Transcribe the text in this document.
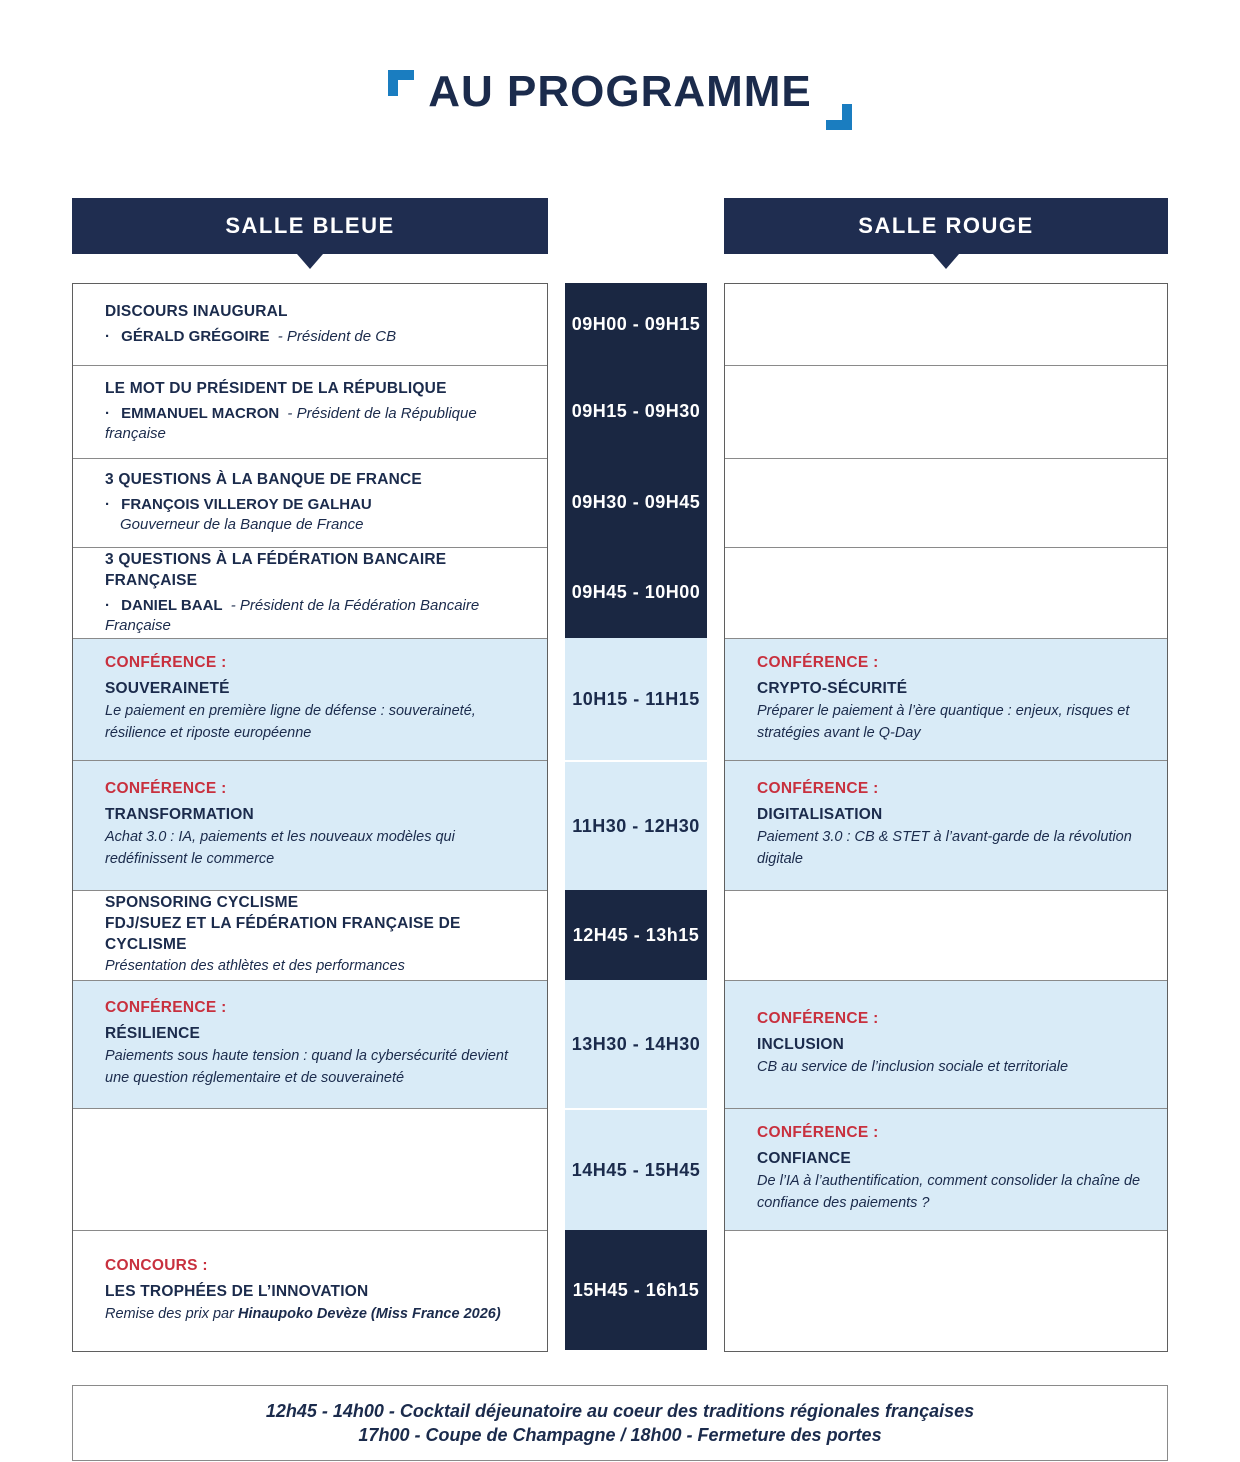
AU PROGRAMME
SALLE BLEUE	SALLE ROUGE
DISCOURS INAUGURAL
· GÉRALD GRÉGOIRE - Président de CB
LE MOT DU PRÉSIDENT DE LA RÉPUBLIQUE
· EMMANUEL MACRON - Président de la République française
3 QUESTIONS À LA BANQUE DE FRANCE
· FRANÇOIS VILLEROY DE GALHAU
Gouverneur de la Banque de France
3 QUESTIONS À LA FÉDÉRATION BANCAIRE FRANÇAISE
· DANIEL BAAL - Président de la Fédération Bancaire Française
CONFÉRENCE :
SOUVERAINETÉ
Le paiement en première ligne de défense : souveraineté, résilience et riposte européenne
CONFÉRENCE :
TRANSFORMATION
Achat 3.0 : IA, paiements et les nouveaux modèles qui redéfinissent le commerce
SPONSORING CYCLISME
FDJ/SUEZ ET LA FÉDÉRATION FRANÇAISE DE CYCLISME
Présentation des athlètes et des performances
CONFÉRENCE :
RÉSILIENCE
Paiements sous haute tension : quand la cybersécurité devient une question réglementaire et de souveraineté
CONCOURS :
LES TROPHÉES DE L’INNOVATION
Remise des prix par Hinaupoko Devèze (Miss France 2026)
09H00 - 09H15
09H15 - 09H30
09H30 - 09H45
09H45 - 10H00
10H15 - 11H15
11H30 - 12H30
12H45 - 13h15
13H30 - 14H30
14H45 - 15H45
15H45 - 16h15
CONFÉRENCE :
CRYPTO-SÉCURITÉ
Préparer le paiement à l’ère quantique : enjeux, risques et stratégies avant le Q-Day
CONFÉRENCE :
DIGITALISATION
Paiement 3.0 : CB & STET à l’avant-garde de la révolution digitale
CONFÉRENCE :
INCLUSION
CB au service de l’inclusion sociale et territoriale
CONFÉRENCE :
CONFIANCE
De l’IA à l’authentification, comment consolider la chaîne de confiance des paiements ?
12h45 - 14h00 - Cocktail déjeunatoire au coeur des traditions régionales françaises
17h00 - Coupe de Champagne / 18h00 - Fermeture des portes
